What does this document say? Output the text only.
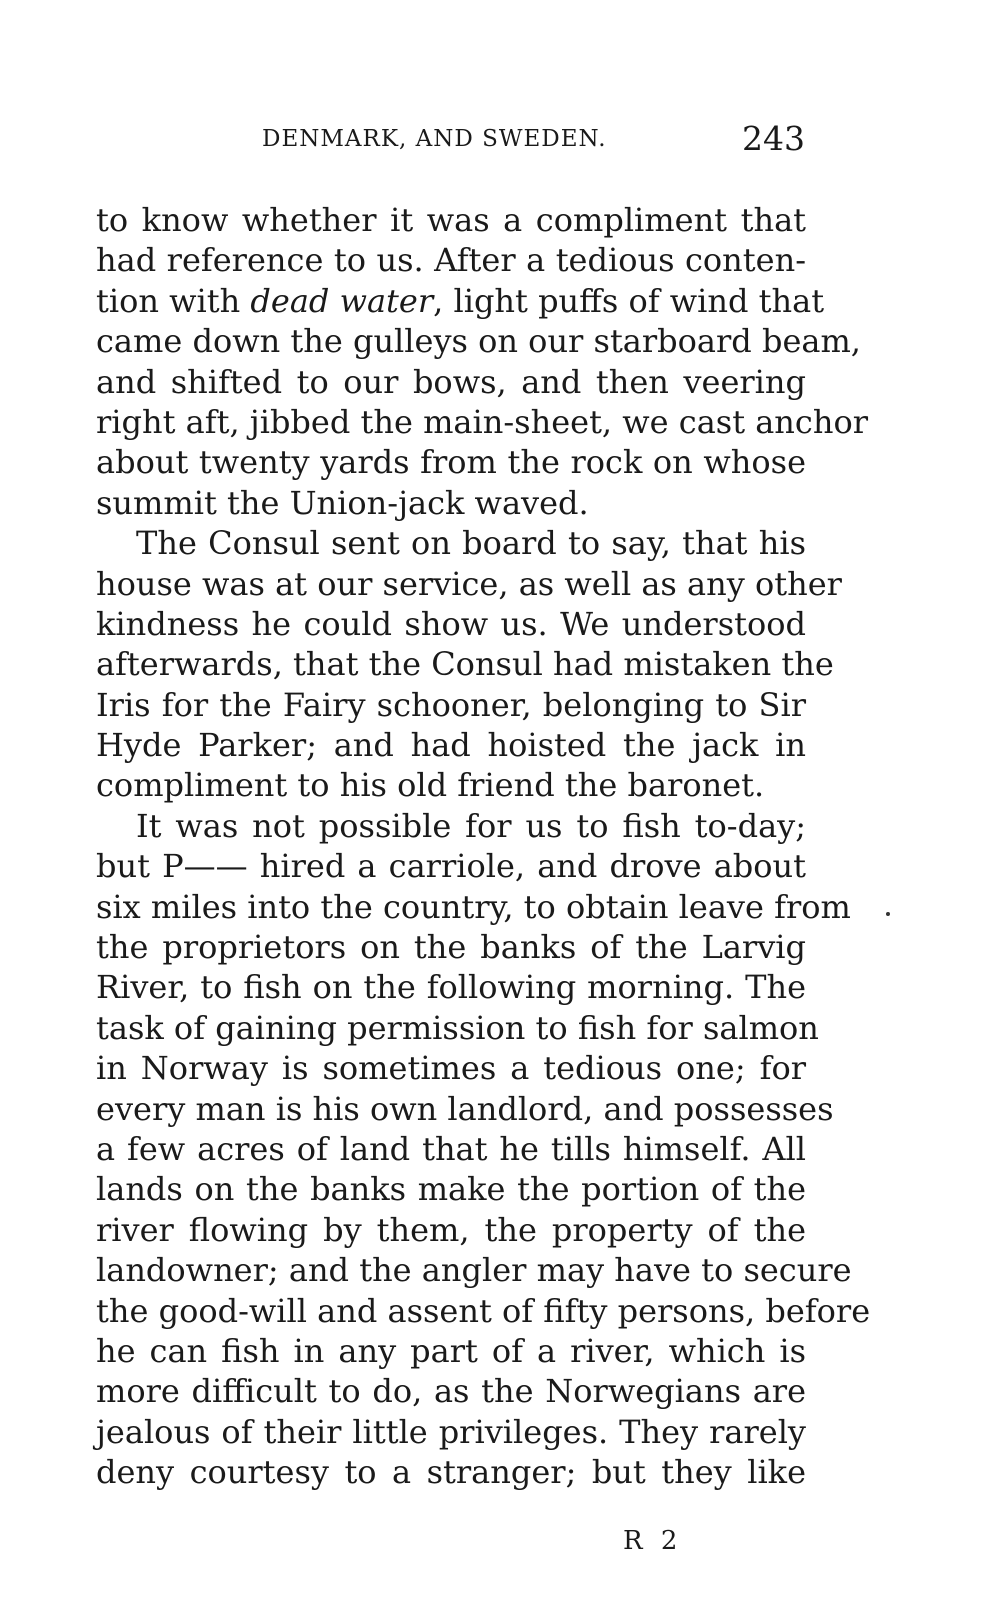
DENMARK, AND SWEDEN.	243
to know whether it was a compliment that
had reference to us. After a tedious conten-
tion with dead water, light puffs of wind that
came down the gulleys on our starboard beam,
and shifted to our bows, and then veering
right aft, jibbed the main-sheet, we cast anchor
about twenty yards from the rock on whose
summit the Union-jack waved.
The Consul sent on board to say, that his
house was at our service, as well as any other
kindness he could show us. We understood
afterwards, that the Consul had mistaken the
Iris for the Fairy schooner, belonging to Sir
Hyde Parker; and had hoisted the jack in
compliment to his old friend the baronet.
It was not possible for us to fish to-day;
but P—— hired a carriole, and drove about
six miles into the country, to obtain leave from
the proprietors on the banks of the Larvig
River, to fish on the following morning. The
task of gaining permission to fish for salmon
in Norway is sometimes a tedious one; for
every man is his own landlord, and possesses
a few acres of land that he tills himself. All
lands on the banks make the portion of the
river flowing by them, the property of the
landowner; and the angler may have to secure
the good-will and assent of fifty persons, before
he can fish in any part of a river, which is
more difficult to do, as the Norwegians are
jealous of their little privileges. They rarely
deny courtesy to a stranger; but they like
R 2
